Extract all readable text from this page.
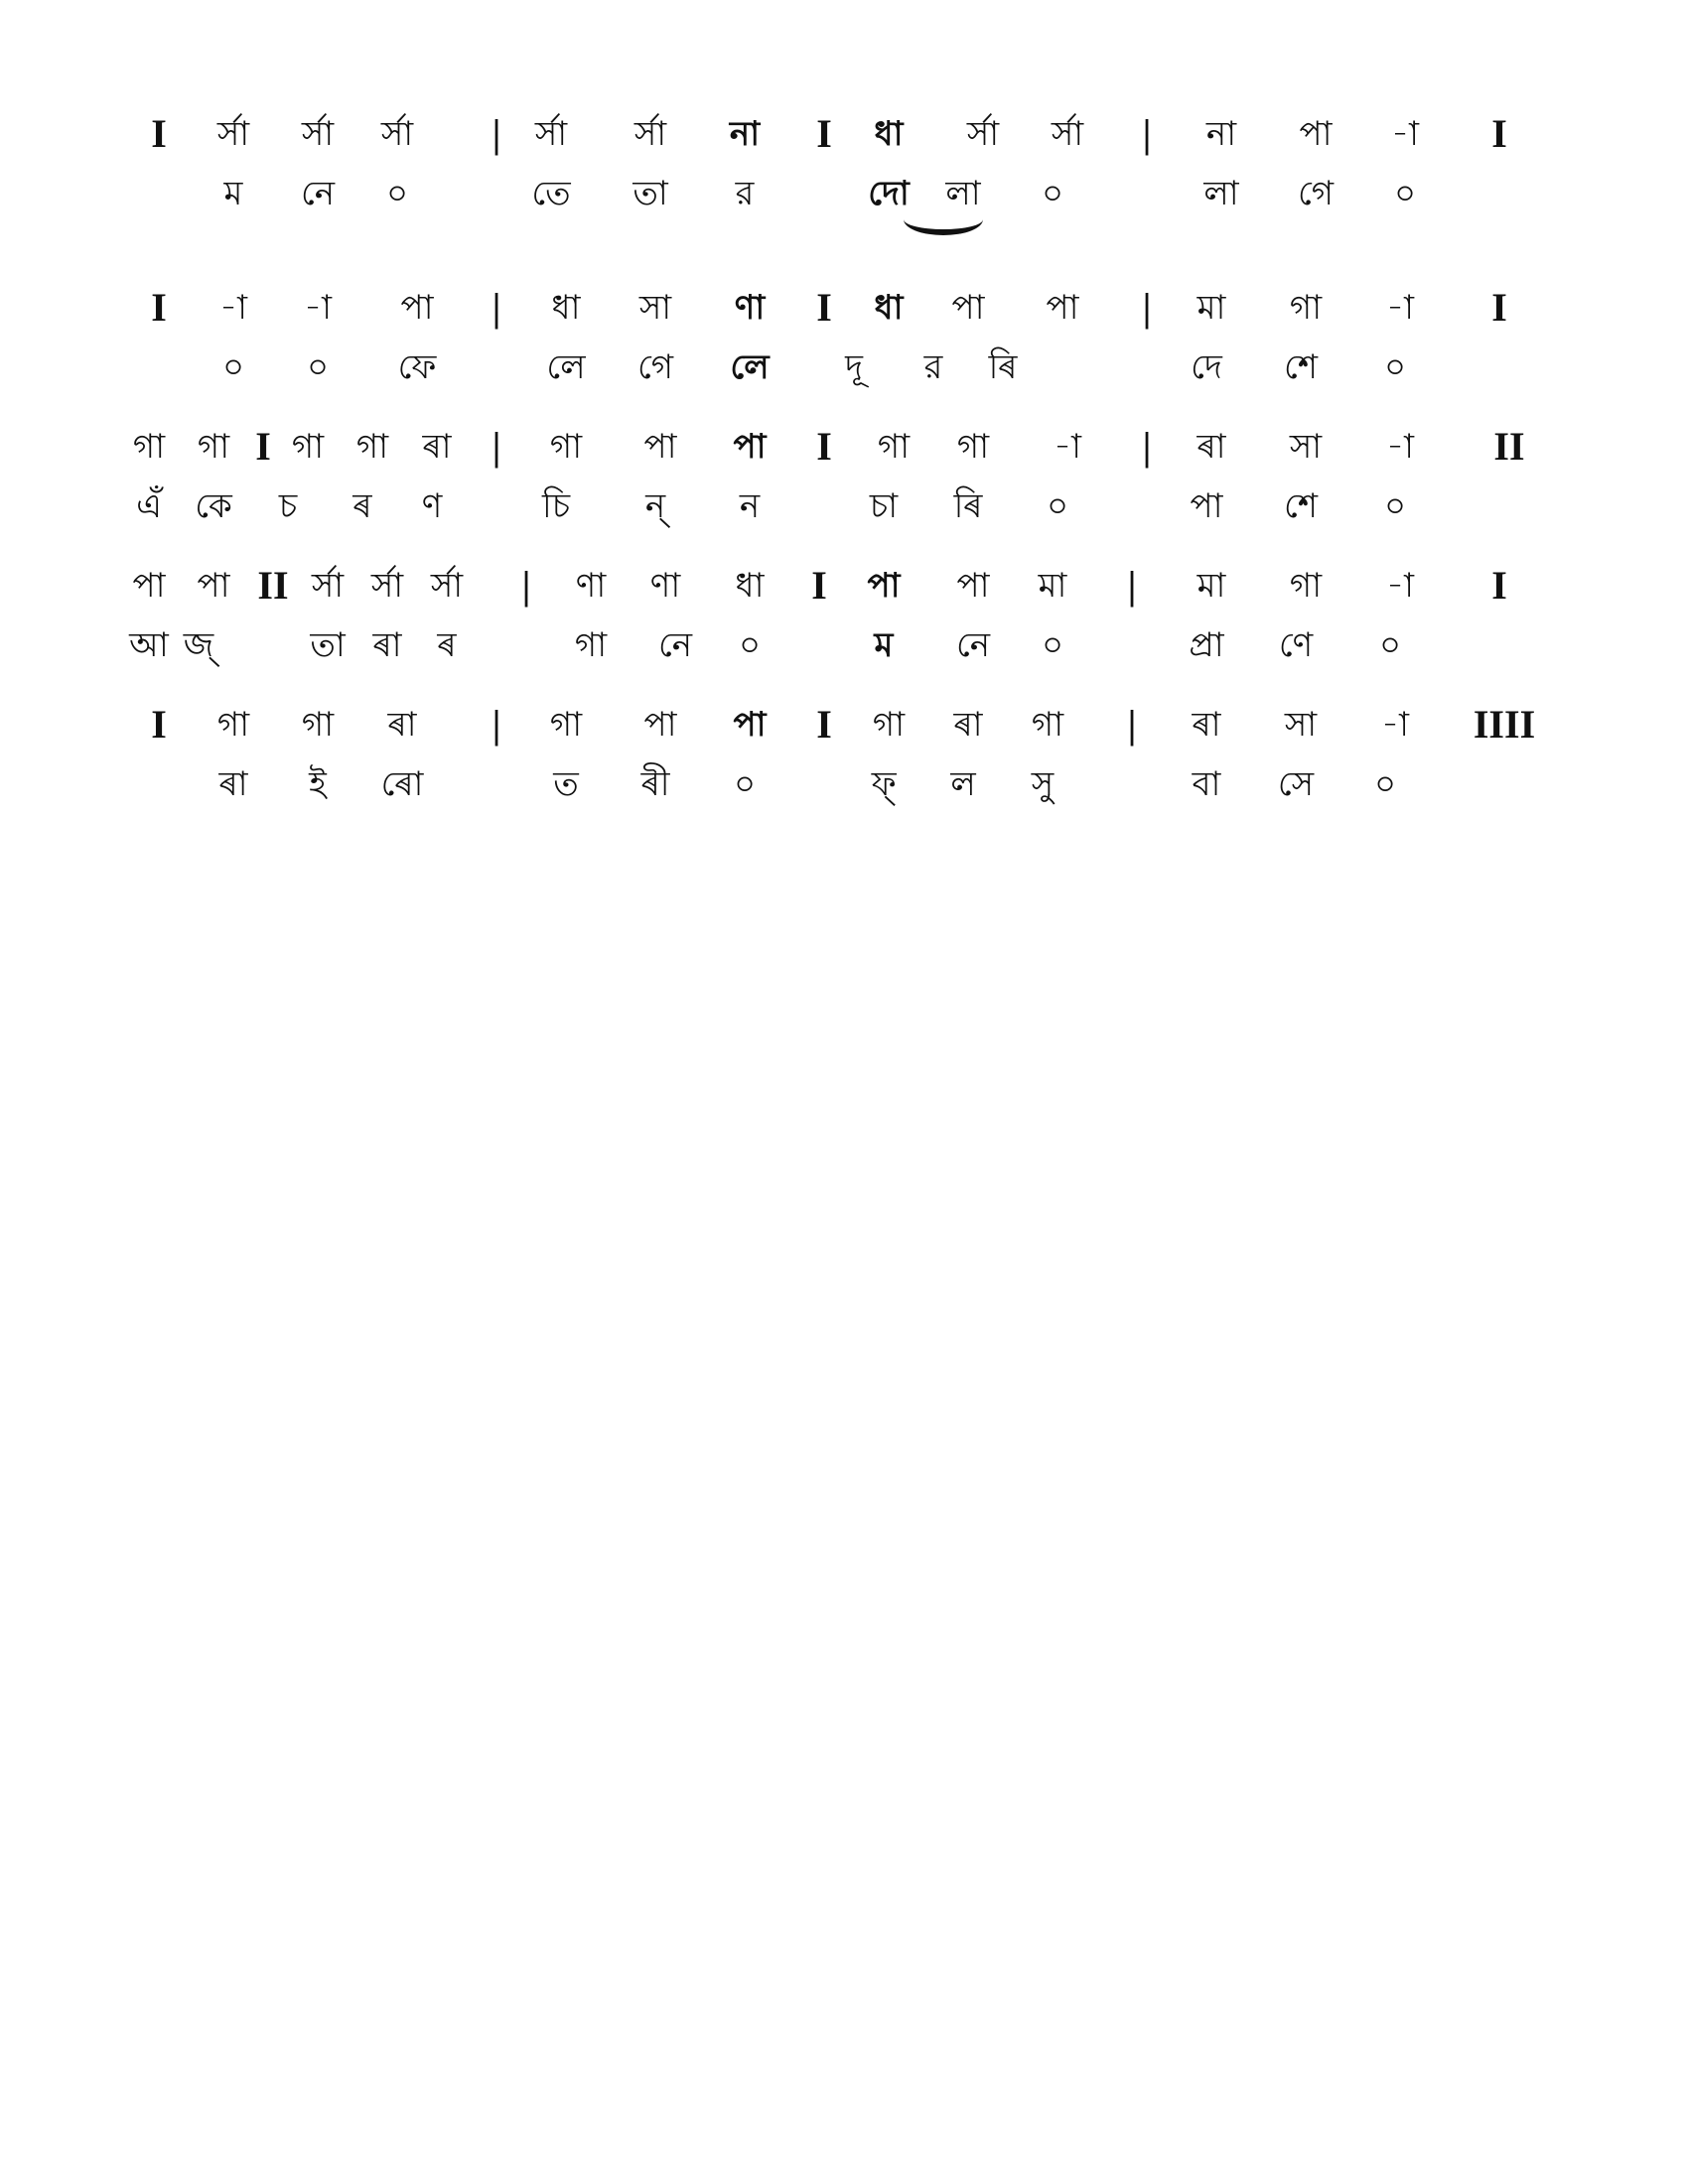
I র্সা র্সা র্সা | র্সা র্সা না I ধা র্সা র্সা | না পা -া I
ম নে ০	তে তা র	দো লা ০	লা গে ০
I -া -া পা | ধা সা ণা I ধা পা পা | মা গা -া I
০ ০ ফে	লে গে লে দূ র ৰি	দে শে ০
গা গা I গা গা ৰা | গা পা পা I গা গা -া | ৰা সা -া II
এঁ কে চ ৰ ণ	চি ন্ ন	চা ৰি ০	পা শে ০
পা পা II র্সা র্সা র্সা | ণা ণা ধা I পা পা মা | মা গা -া I
আ জ্	তা ৰা ৰ	গা নে ০	ম নে ০	প্ৰা ণে ০
I গা গা ৰা | গা পা পা I গা ৰা গা | ৰা সা -া IIII
ৰা ই ৰো	ত ৰী ০	ফ্ ল সু	বা সে ০
